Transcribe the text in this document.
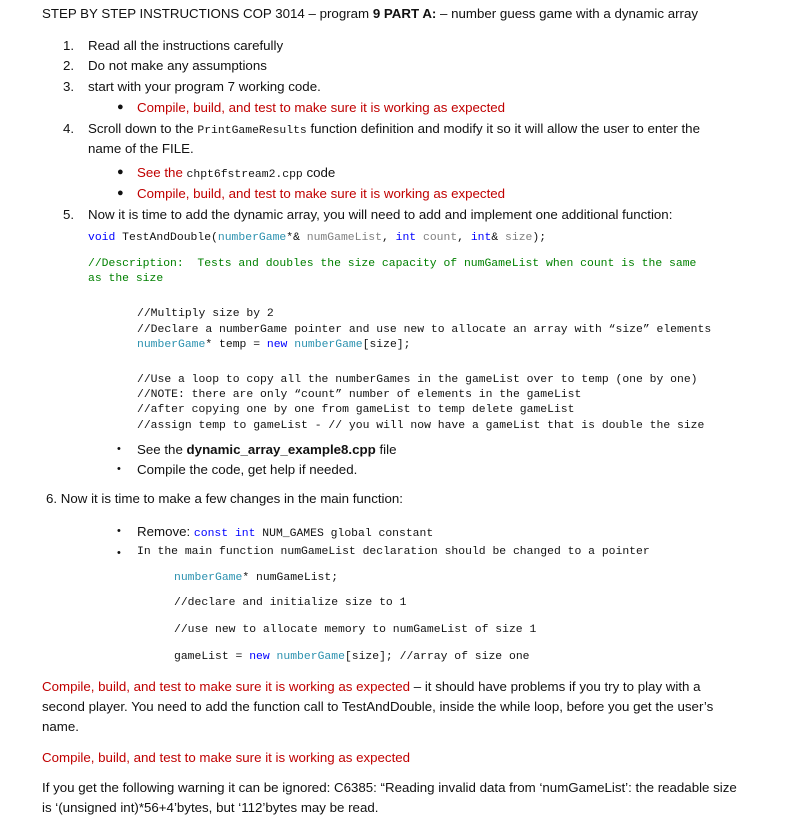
STEP BY STEP INSTRUCTIONS COP 3014 – program 9 PART A: – number guess game with a dynamic array
1. Read all the instructions carefully
2. Do not make any assumptions
3. start with your program 7 working code.
● Compile, build, and test to make sure it is working as expected
4. Scroll down to the PrintGameResults function definition and modify it so it will allow the user to enter the
name of the FILE.
● See the chpt6fstream2.cpp code
● Compile, build, and test to make sure it is working as expected
5. Now it is time to add the dynamic array, you will need to add and implement one additional function:
void TestAndDouble(numberGame*& numGameList, int count, int& size);
//Description:  Tests and doubles the size capacity of numGameList when count is the same
as the size
//Multiply size by 2
//Declare a numberGame pointer and use new to allocate an array with “size” elements
numberGame* temp = new numberGame[size];
//Use a loop to copy all the numberGames in the gameList over to temp (one by one)
//NOTE: there are only “count” number of elements in the gameList
//after copying one by one from gameList to temp delete gameList
//assign temp to gameList - // you will now have a gameList that is double the size
• See the dynamic_array_example8.cpp file
• Compile the code, get help if needed.
6. Now it is time to make a few changes in the main function:
• Remove: const int NUM_GAMES global constant
• In the main function numGameList declaration should be changed to a pointer
numberGame* numGameList;
//declare and initialize size to 1
//use new to allocate memory to numGameList of size 1
gameList = new numberGame[size]; //array of size one
Compile, build, and test to make sure it is working as expected – it should have problems if you try to play with a
second player. You need to add the function call to TestAndDouble, inside the while loop, before you get the user’s
name.
Compile, build, and test to make sure it is working as expected
If you get the following warning it can be ignored: C6385: “Reading invalid data from ‘numGameList’: the readable size
is ‘(unsigned int)*56+4’bytes, but ‘112’bytes may be read.
